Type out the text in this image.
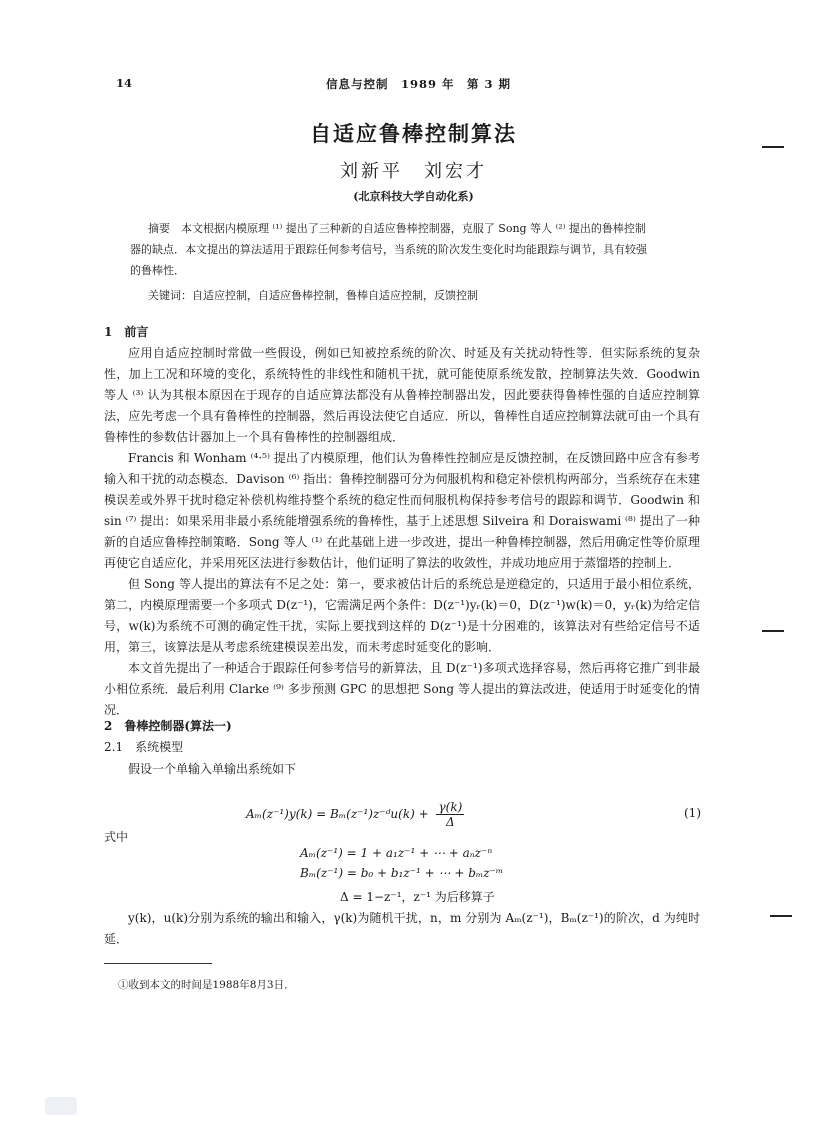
14	信息与控制　1989 年　第 3 期
自适应鲁棒控制算法
刘新平　刘宏才
(北京科技大学自动化系)
摘要　本文根据内模原理 ⁽¹⁾ 提出了三种新的自适应鲁棒控制器，克服了 Song 等人 ⁽²⁾ 提出的鲁棒控制
器的缺点．本文提出的算法适用于跟踪任何参考信号，当系统的阶次发生变化时均能跟踪与调节，具有较强
的鲁棒性．
关键词：自适应控制，自适应鲁棒控制，鲁棒自适应控制，反馈控制
1　前言

应用自适应控制时常做一些假设，例如已知被控系统的阶次、时延及有关扰动特性等．但实际系统的复杂性，加上工况和环境的变化，系统特性的非线性和随机干扰，就可能使原系统发散，控制算法失效．Goodwin 等人 ⁽³⁾ 认为其根本原因在于现存的自适应算法都没有从鲁棒控制器出发，因此要获得鲁棒性强的自适应控制算法，应先考虑一个具有鲁棒性的控制器，然后再设法使它自适应．所以，鲁棒性自适应控制算法就可由一个具有鲁棒性的参数估计器加上一个具有鲁棒性的控制器组成．

Francis 和 Wonham ⁽⁴·⁵⁾ 提出了内模原理，他们认为鲁棒性控制应是反馈控制，在反馈回路中应含有参考输入和干扰的动态模态．Davison ⁽⁶⁾ 指出：鲁棒控制器可分为伺服机构和稳定补偿机构两部分，当系统存在未建模误差或外界干扰时稳定补偿机构维持整个系统的稳定性而伺服机构保持参考信号的跟踪和调节．Goodwin 和 sin ⁽⁷⁾ 提出：如果采用非最小系统能增强系统的鲁棒性，基于上述思想 Silveira 和 Doraiswami ⁽⁸⁾ 提出了一种新的自适应鲁棒控制策略．Song 等人 ⁽¹⁾ 在此基础上进一步改进，提出一种鲁棒控制器，然后用确定性等价原理再使它自适应化，并采用死区法进行参数估计，他们证明了算法的收敛性，并成功地应用于蒸馏塔的控制上．

但 Song 等人提出的算法有不足之处：第一，要求被估计后的系统总是逆稳定的，只适用于最小相位系统，第二，内模原理需要一个多项式 D(z⁻¹)，它需满足两个条件：D(z⁻¹)yᵣ(k)＝0，D(z⁻¹)w(k)＝0，yᵣ(k)为给定信号，w(k)为系统不可测的确定性干扰，实际上要找到这样的 D(z⁻¹)是十分困难的，该算法对有些给定信号不适用，第三，该算法是从考虑系统建模误差出发，而未考虑时延变化的影响．

本文首先提出了一种适合于跟踪任何参考信号的新算法，且 D(z⁻¹)多项式选择容易，然后再将它推广到非最小相位系统．最后利用 Clarke ⁽⁹⁾ 多步预测 GPC 的思想把 Song 等人提出的算法改进，使适用于时延变化的情况．

2　鲁棒控制器(算法一)
2.1　系统模型
假设一个单输入单输出系统如下
Aₘ(z⁻¹)y(k) = Bₘ(z⁻¹)z⁻ᵈu(k) + $\frac{\gamma(k)}{\Delta}$	(1)
式中
Aₘ(z⁻¹) = 1 + a₁z⁻¹ + ⋯ + aₙz⁻ⁿ
Bₘ(z⁻¹) = b₀ + b₁z⁻¹ + ⋯ + bₘz⁻ᵐ
Δ = 1−z⁻¹，z⁻¹ 为后移算子

y(k)，u(k)分别为系统的输出和输入，γ(k)为随机干扰，n，m 分别为 Aₘ(z⁻¹)，Bₘ(z⁻¹)的阶次，d 为纯时延．

①收到本文的时间是1988年8月3日．
